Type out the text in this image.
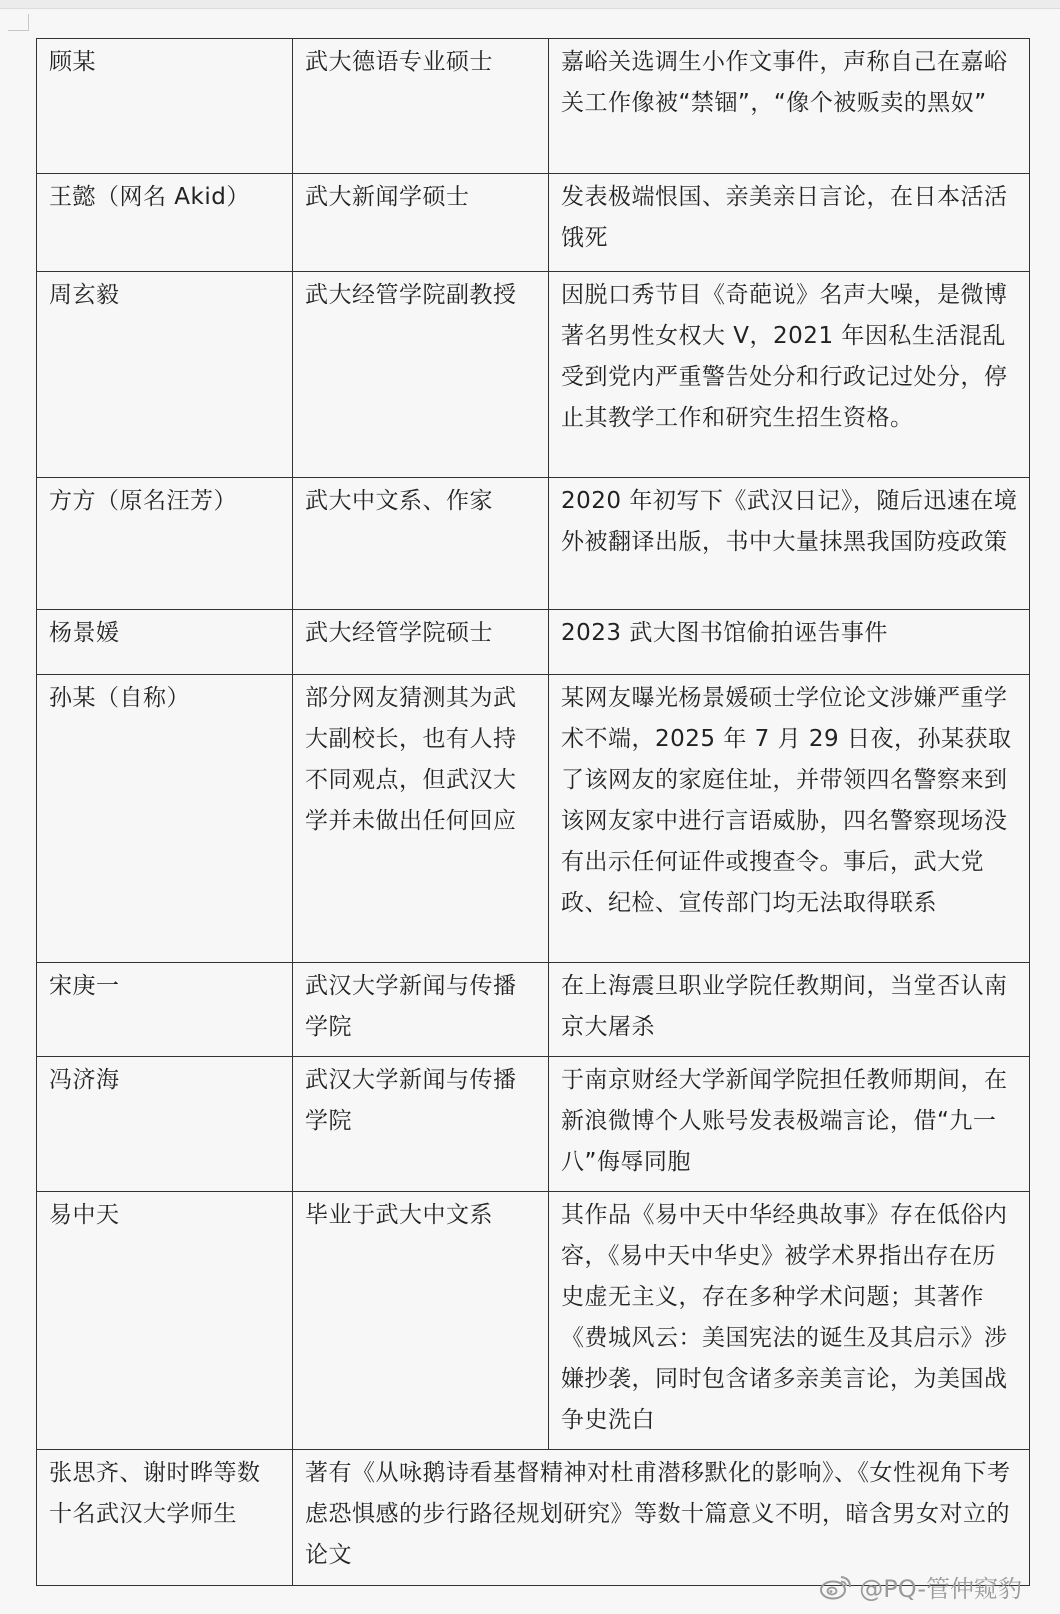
顾某	武大德语专业硕士	嘉峪关选调生小作文事件，声称自己在嘉峪关工作像被“禁锢”，“像个被贩卖的黑奴”
王懿（网名 Akid）	武大新闻学硕士	发表极端恨国、亲美亲日言论，在日本活活饿死
周玄毅	武大经管学院副教授	因脱口秀节目《奇葩说》名声大噪，是微博著名男性女权大 V，2021 年因私生活混乱受到党内严重警告处分和行政记过处分，停止其教学工作和研究生招生资格。
方方（原名汪芳）	武大中文系、作家	2020 年初写下《武汉日记》，随后迅速在境外被翻译出版，书中大量抹黑我国防疫政策
杨景媛	武大经管学院硕士	2023 武大图书馆偷拍诬告事件
孙某（自称）	部分网友猜测其为武大副校长，也有人持不同观点，但武汉大学并未做出任何回应	某网友曝光杨景媛硕士学位论文涉嫌严重学术不端，2025 年 7 月 29 日夜，孙某获取了该网友的家庭住址，并带领四名警察来到该网友家中进行言语威胁，四名警察现场没有出示任何证件或搜查令。事后，武大党政、纪检、宣传部门均无法取得联系
宋庚一	武汉大学新闻与传播学院	在上海震旦职业学院任教期间，当堂否认南京大屠杀
冯济海	武汉大学新闻与传播学院	于南京财经大学新闻学院担任教师期间，在新浪微博个人账号发表极端言论，借“九一八”侮辱同胞
易中天	毕业于武大中文系	其作品《易中天中华经典故事》存在低俗内容，《易中天中华史》被学术界指出存在历史虚无主义，存在多种学术问题；其著作《费城风云：美国宪法的诞生及其启示》涉嫌抄袭，同时包含诸多亲美言论，为美国战争史洗白
张思齐、谢时晔等数十名武汉大学师生	著有《从咏鹅诗看基督精神对杜甫潜移默化的影响》、《女性视角下考虑恐惧感的步行路径规划研究》等数十篇意义不明，暗含男女对立的论文	
@PQ-管仲窥豹
